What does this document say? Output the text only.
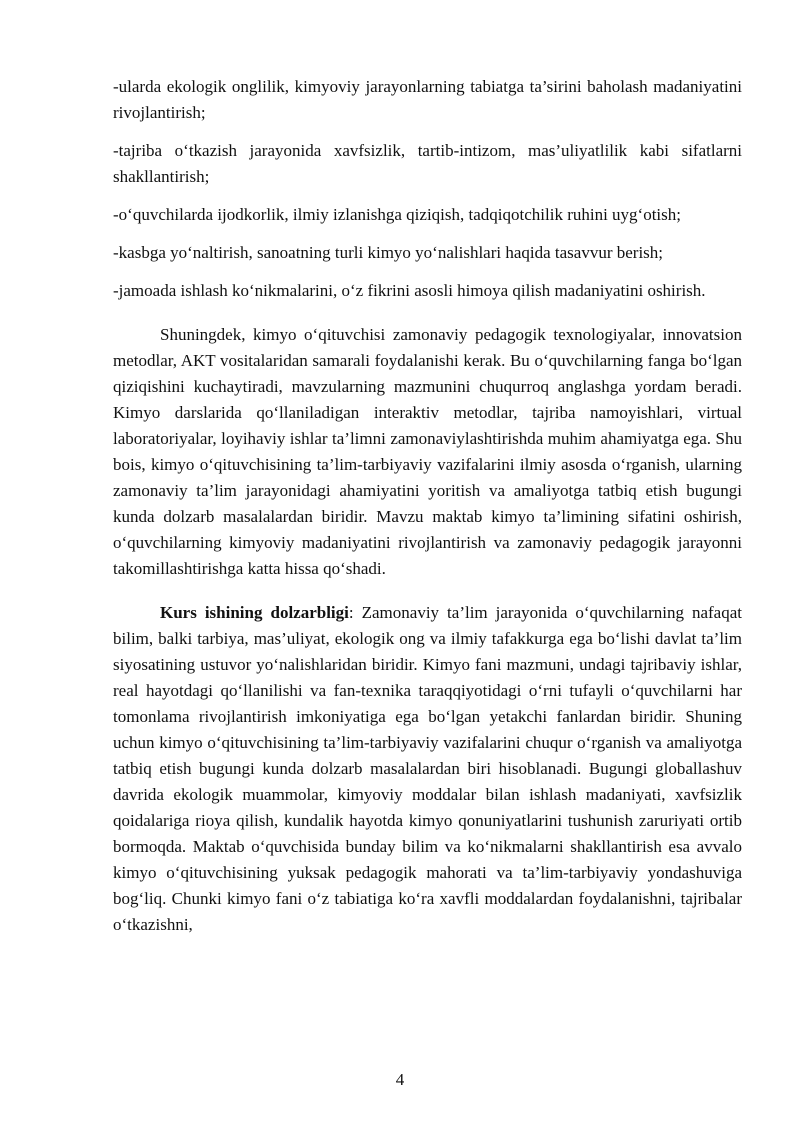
-ularda ekologik onglilik, kimyoviy jarayonlarning tabiatga ta’sirini baholash madaniyatini rivojlantirish;

-tajriba o‘tkazish jarayonida xavfsizlik, tartib-intizom, mas’uliyatlilik kabi sifatlarni shakllantirish;

-o‘quvchilarda ijodkorlik, ilmiy izlanishga qiziqish, tadqiqotchilik ruhini uyg‘otish;

-kasbga yo‘naltirish, sanoatning turli kimyo yo‘nalishlari haqida tasavvur berish;

-jamoada ishlash ko‘nikmalarini, o‘z fikrini asosli himoya qilish madaniyatini oshirish.

Shuningdek, kimyo o‘qituvchisi zamonaviy pedagogik texnologiyalar, innovatsion metodlar, AKT vositalaridan samarali foydalanishi kerak. Bu o‘quvchilarning fanga bo‘lgan qiziqishini kuchaytiradi, mavzularning mazmunini chuqurroq anglashga yordam beradi. Kimyo darslarida qo‘llaniladigan interaktiv metodlar, tajriba namoyishlari, virtual laboratoriyalar, loyihaviy ishlar ta’limni zamonaviylashtirishda muhim ahamiyatga ega. Shu bois, kimyo o‘qituvchisining ta’lim-tarbiyaviy vazifalarini ilmiy asosda o‘rganish, ularning zamonaviy ta’lim jarayonidagi ahamiyatini yoritish va amaliyotga tatbiq etish bugungi kunda dolzarb masalalardan biridir. Mavzu maktab kimyo ta’limining sifatini oshirish, o‘quvchilarning kimyoviy madaniyatini rivojlantirish va zamonaviy pedagogik jarayonni takomillashtirishga katta hissa qo‘shadi.

Kurs ishining dolzarbligi: Zamonaviy ta’lim jarayonida o‘quvchilarning nafaqat bilim, balki tarbiya, mas’uliyat, ekologik ong va ilmiy tafakkurga ega bo‘lishi davlat ta’lim siyosatining ustuvor yo‘nalishlaridan biridir. Kimyo fani mazmuni, undagi tajribaviy ishlar, real hayotdagi qo‘llanilishi va fan-texnika taraqqiyotidagi o‘rni tufayli o‘quvchilarni har tomonlama rivojlantirish imkoniyatiga ega bo‘lgan yetakchi fanlardan biridir. Shuning uchun kimyo o‘qituvchisining ta’lim-tarbiyaviy vazifalarini chuqur o‘rganish va amaliyotga tatbiq etish bugungi kunda dolzarb masalalardan biri hisoblanadi. Bugungi globallashuv davrida ekologik muammolar, kimyoviy moddalar bilan ishlash madaniyati, xavfsizlik qoidalariga rioya qilish, kundalik hayotda kimyo qonuniyatlarini tushunish zaruriyati ortib bormoqda. Maktab o‘quvchisida bunday bilim va ko‘nikmalarni shakllantirish esa avvalo kimyo o‘qituvchisining yuksak pedagogik mahorati va ta’lim-tarbiyaviy yondashuviga bog‘liq. Chunki kimyo fani o‘z tabiatiga ko‘ra xavfli moddalardan foydalanishni, tajribalar o‘tkazishni,

4
